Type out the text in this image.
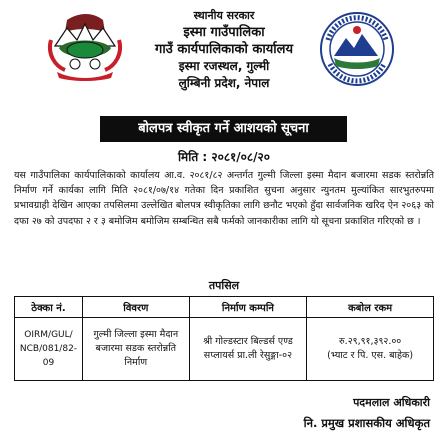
स्थानीय सरकार
इस्मा गाउँपालिका
गाउँ कार्यपालिकाको कार्यालय
इस्मा रजस्थल, गुल्मी
लुम्बिनी प्रदेश, नेपाल
बोलपत्र स्वीकृत गर्ने आशयको सूचना
मिति : २०८१/०८/२०
यस गाउँपालिका कार्यपालिकाको कार्यालय आ.व. २०८१/८२ अन्तर्गत गुल्मी जिल्ला इस्मा मैदान बजारमा सडक स्तरोन्नति निर्माण गर्ने कार्यका लागि मिति २०८१/०७/१४ गतेका दिन प्रकाशित सुचना अनुसार न्युनतम मुल्यांकित सारभुतरुपमा प्रभावग्राही देखिन आएका तपसिलमा उल्लेखित बोलपत्र स्वीकृतिका लागि छनौट भएको हुँदा सार्वजनिक खरिद ऐन २०६३ को दफा २७ को उपदफा २ र ३ बमोजिम बमोजिम सम्बन्धित सबै फर्मको जानकारीका लागि यो सूचना प्रकाशित गरिएको छ ।
तपसिल
ठेक्का नं.	विवरण	निर्माण कम्पनि	कबोल रकम
OIRM/GUL/ NCB/081/82-09	गुल्मी जिल्ला इस्मा मैदान बजारमा सडक स्तरोन्नति निर्माण	श्री गोल्डस्टार बिल्डर्स एण्ड सप्लायर्स प्रा.ली रेसुङ्गा-०२	रु.२९,९१,३९२.००
(भ्याट र पि. एस. बाहेक)
पदमलाल अधिकारी
नि. प्रमुख प्रशासकीय अधिकृत
